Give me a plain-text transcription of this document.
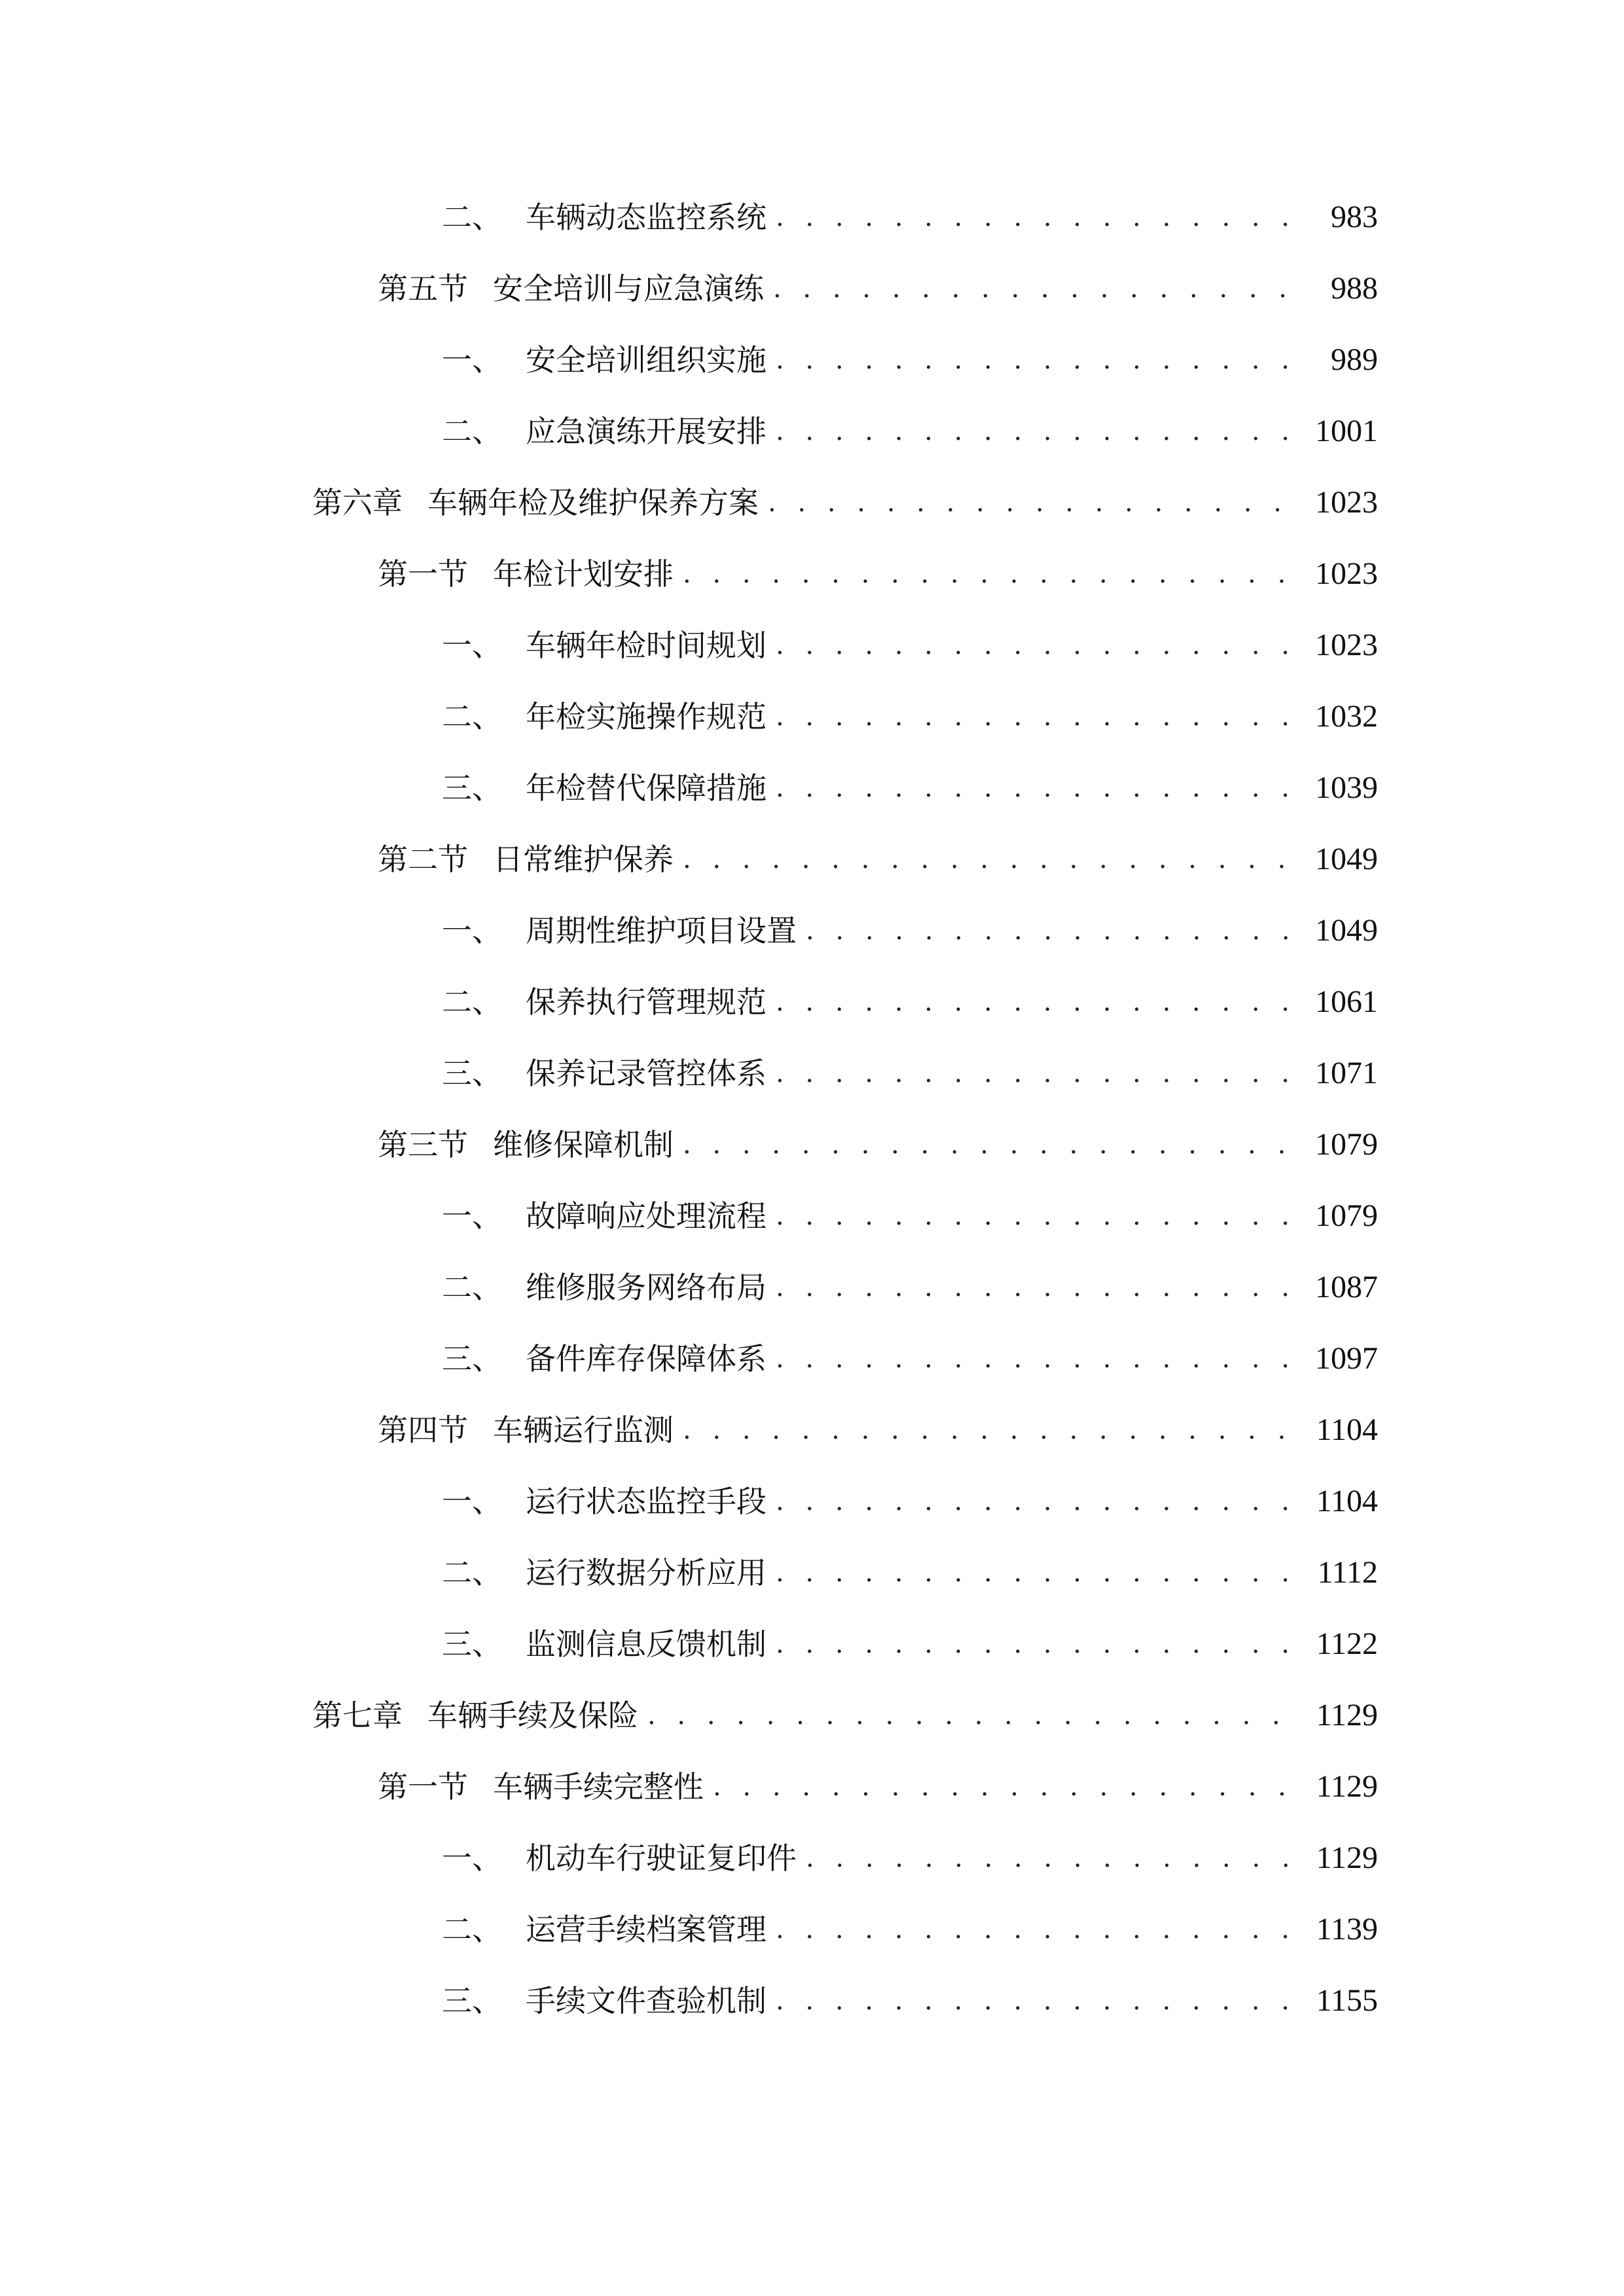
二、 车辆动态监控系统 . . .	983
第五节 安全培训与应急演练 . . .	988
一、 安全培训组织实施 . . .	989
二、 应急演练开展安排 . . .	1001
第六章 车辆年检及维护保养方案 . . .	1023
第一节 年检计划安排 . . .	1023
一、 车辆年检时间规划 . . .	1023
二、 年检实施操作规范 . . .	1032
三、 年检替代保障措施 . . .	1039
第二节 日常维护保养 . . .	1049
一、 周期性维护项目设置 . . .	1049
二、 保养执行管理规范 . . .	1061
三、 保养记录管控体系 . . .	1071
第三节 维修保障机制 . . .	1079
一、 故障响应处理流程 . . .	1079
二、 维修服务网络布局 . . .	1087
三、 备件库存保障体系 . . .	1097
第四节 车辆运行监测 . . .	1104
一、 运行状态监控手段 . . .	1104
二、 运行数据分析应用 . . .	1112
三、 监测信息反馈机制 . . .	1122
第七章 车辆手续及保险 . . .	1129
第一节 车辆手续完整性 . . .	1129
一、 机动车行驶证复印件 . . .	1129
二、 运营手续档案管理 . . .	1139
三、 手续文件查验机制 . . .	1155
